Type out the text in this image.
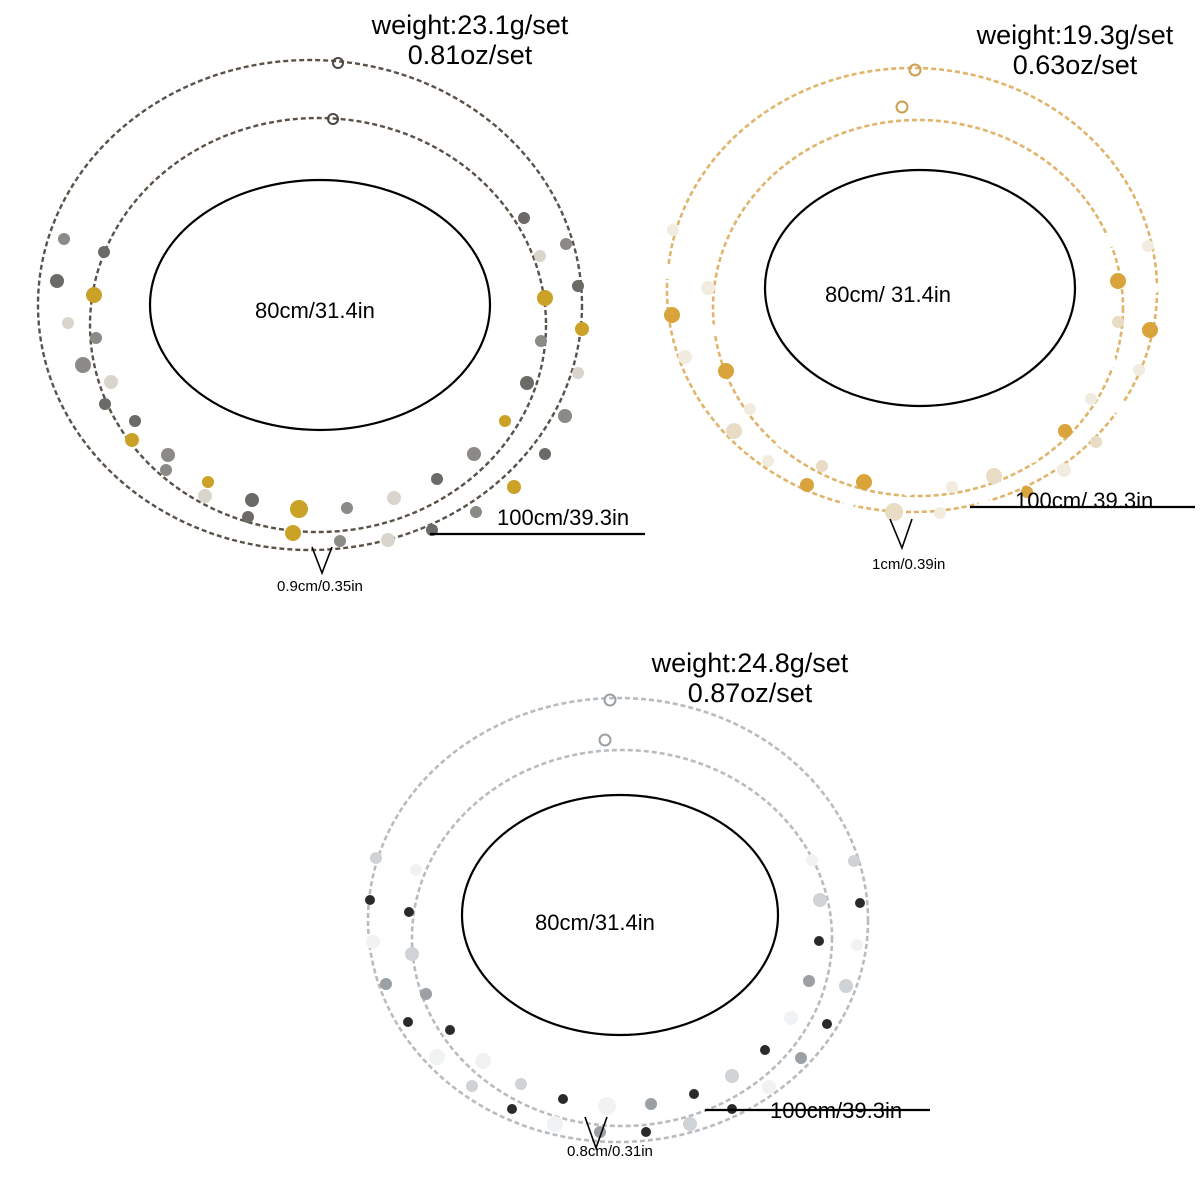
weight:23.1g/set
0.81oz/set
80cm/31.4in
100cm/39.3in
0.9cm/0.35in
weight:19.3g/set
0.63oz/set
80cm/ 31.4in
100cm/ 39.3in
1cm/0.39in
weight:24.8g/set
0.87oz/set
80cm/31.4in
100cm/39.3in
0.8cm/0.31in
